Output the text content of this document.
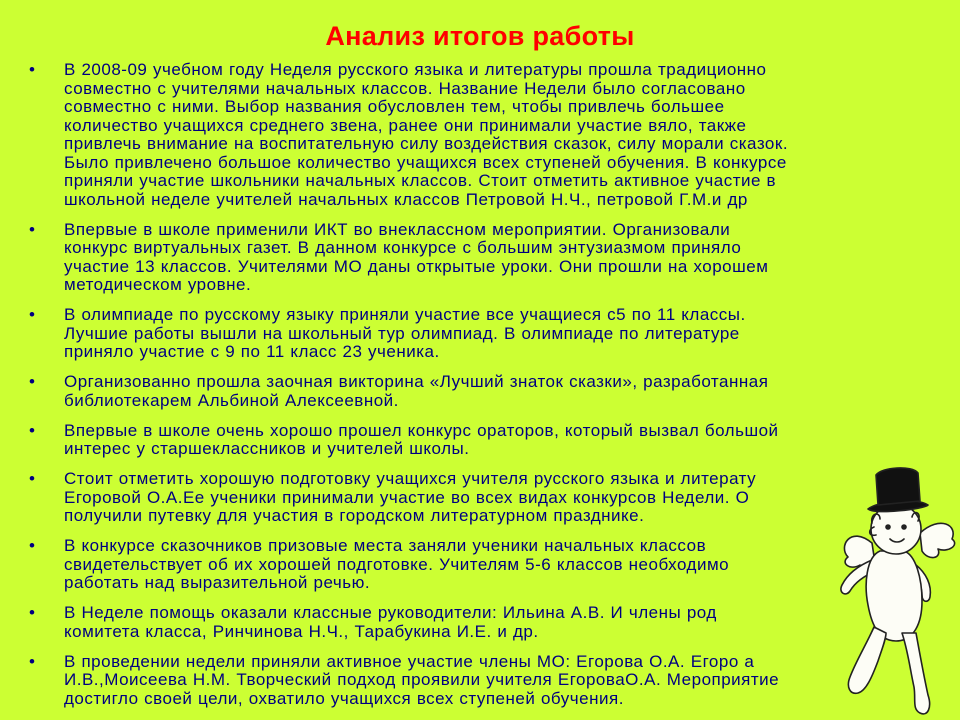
Анализ итогов работы
•	В 2008-09 учебном году Неделя русского языка и литературы прошла традиционно
совместно с учителями начальных классов. Название Недели было согласовано
совместно с ними. Выбор названия обусловлен тем, чтобы привлечь большее
количество учащихся среднего звена, ранее они принимали участие вяло, также
привлечь внимание на воспитательную силу воздействия сказок, силу морали сказок.
Было привлечено большое количество учащихся всех ступеней обучения. В конкурсе
приняли участие школьники начальных классов. Стоит отметить активное участие в
школьной неделе учителей начальных классов Петровой Н.Ч., петровой Г.М.и др
•	Впервые в школе применили ИКТ во внеклассном мероприятии. Организовали
конкурс виртуальных газет. В данном конкурсе с большим энтузиазмом приняло
участие 13 классов. Учителями МО даны открытые уроки. Они прошли на хорошем
методическом уровне.
•	В олимпиаде по русскому языку приняли участие все учащиеся с5 по 11 классы.
Лучшие работы вышли на школьный тур олимпиад. В олимпиаде по литературе
приняло участие с 9 по 11 класс 23 ученика.
•	Организованно прошла заочная викторина «Лучший знаток сказки», разработанная
библиотекарем Альбиной Алексеевной.
•	Впервые в школе очень хорошо прошел конкурс ораторов, который вызвал большой
интерес у старшеклассников и учителей школы.
•	Стоит отметить хорошую подготовку учащихся учителя русского языка и литерату
Егоровой О.А.Ее ученики принимали участие во всех видах конкурсов Недели. О
получили путевку для участия в городском литературном празднике.
•	В конкурсе сказочников призовые места заняли ученики начальных классов
свидетельствует об их хорошей подготовке. Учителям 5-6 классов необходимо
работать над выразительной речью.
•	В Неделе помощь оказали классные руководители: Ильина А.В. И члены род
комитета класса, Ринчинова Н.Ч., Тарабукина И.Е. и др.
•	В проведении недели приняли активное участие члены МО: Егорова О.А. Егоро а
И.В.,Моисеева Н.М. Творческий подход проявили учителя ЕгороваО.А. Мероприятие
достигло своей цели, охватило учащихся всех ступеней обучения.
